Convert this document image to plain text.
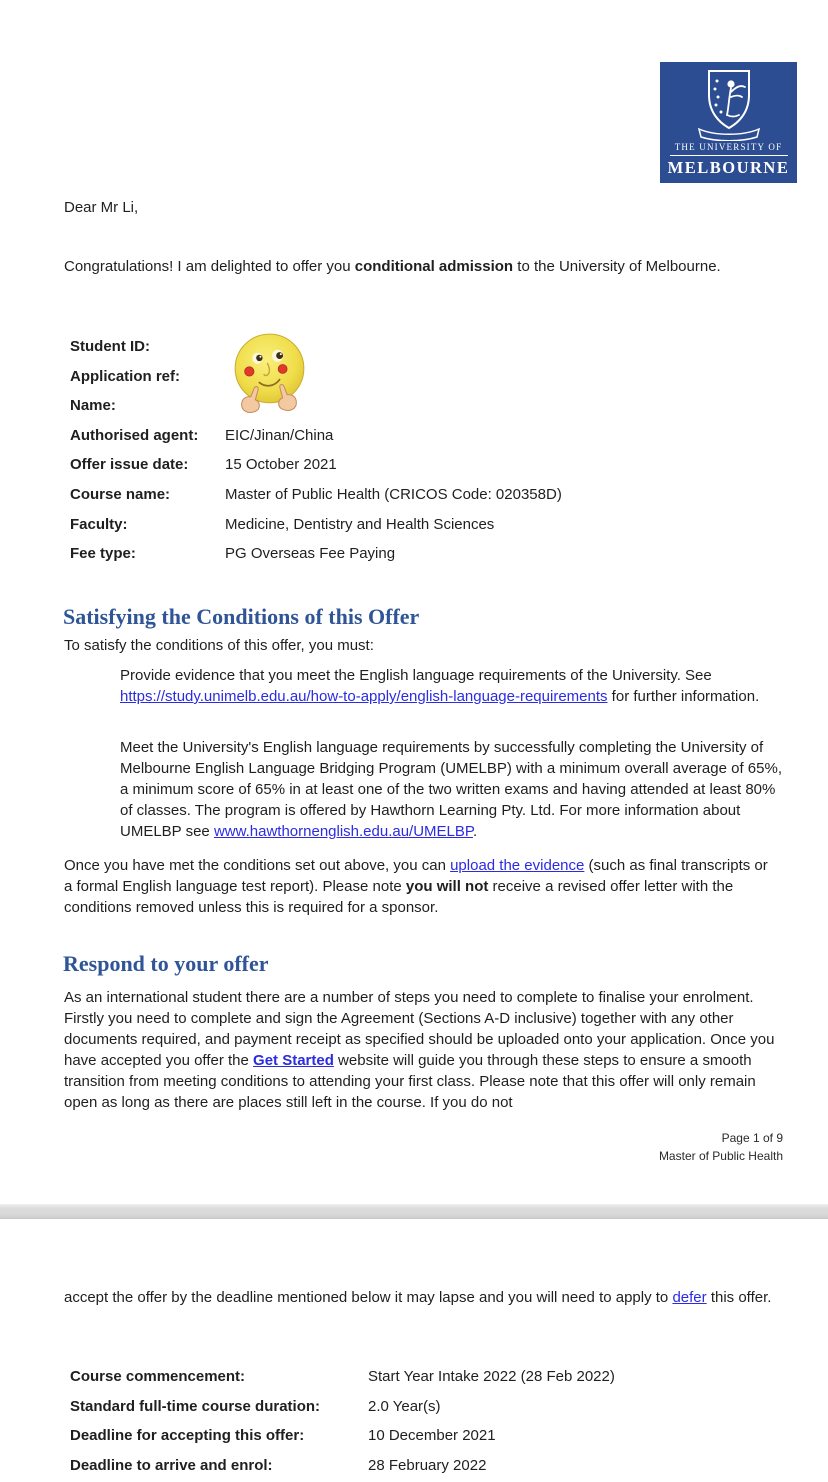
THE UNIVERSITY OF
MELBOURNE
Dear Mr Li,

Congratulations! I am delighted to offer you conditional admission to the University of Melbourne.

Student ID:
Application ref:
Name:
Authorised agent:	EIC/Jinan/China
Offer issue date:	15 October 2021
Course name:	Master of Public Health (CRICOS Code: 020358D)
Faculty:	Medicine, Dentistry and Health Sciences
Fee type:	PG Overseas Fee Paying
Satisfying the Conditions of this Offer
To satisfy the conditions of this offer, you must:

Provide evidence that you meet the English language requirements of the University. See https://study.unimelb.edu.au/how-to-apply/english-language-requirements for further information.

Meet the University's English language requirements by successfully completing the University of Melbourne English Language Bridging Program (UMELBP) with a minimum overall average of 65%, a minimum score of 65% in at least one of the two written exams and having attended at least 80% of classes. The program is offered by Hawthorn Learning Pty. Ltd. For more information about UMELBP see www.hawthornenglish.edu.au/UMELBP.

Once you have met the conditions set out above, you can upload the evidence (such as final transcripts or a formal English language test report). Please note you will not receive a revised offer letter with the conditions removed unless this is required for a sponsor.

Respond to your offer

As an international student there are a number of steps you need to complete to finalise your enrolment. Firstly you need to complete and sign the Agreement (Sections A-D inclusive) together with any other documents required, and payment receipt as specified should be uploaded onto your application. Once you have accepted you offer the Get Started website will guide you through these steps to ensure a smooth transition from meeting conditions to attending your first class. Please note that this offer will only remain open as long as there are places still left in the course. If you do not

Page 1 of 9
Master of Public Health

accept the offer by the deadline mentioned below it may lapse and you will need to apply to defer this offer.

Course commencement:	Start Year Intake 2022 (28 Feb 2022)
Standard full-time course duration:	2.0 Year(s)
Deadline for accepting this offer:	10 December 2021
Deadline to arrive and enrol:	28 February 2022
